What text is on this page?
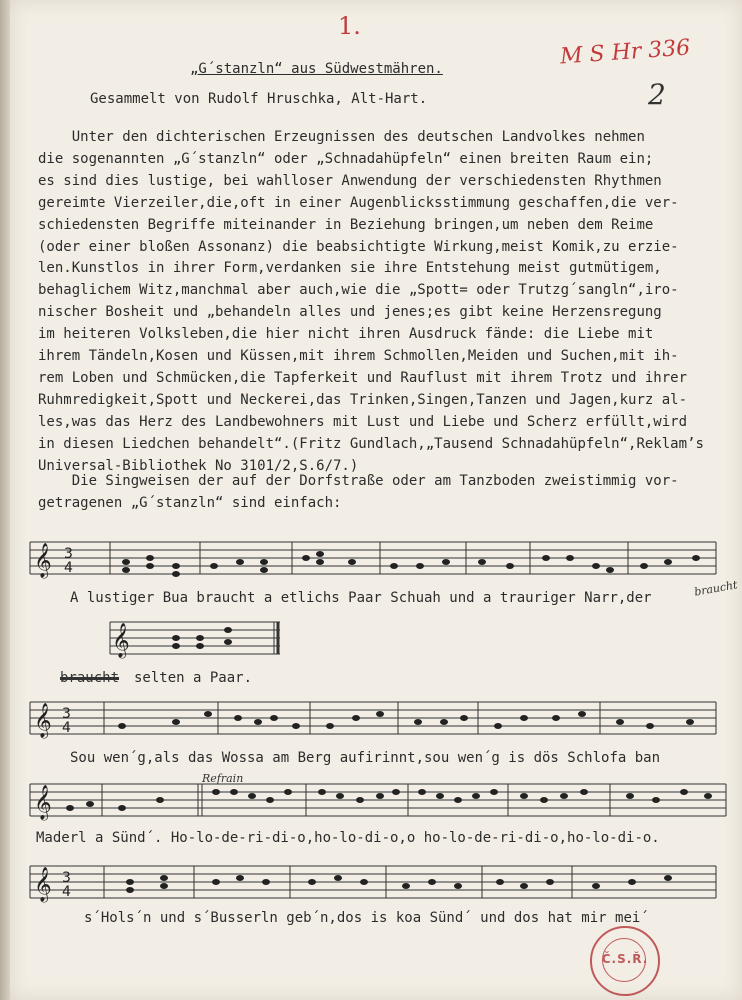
1.
M S Hr 336
2
„G´stanzln“ aus Südwestmähren.
Gesammelt von Rudolf Hruschka, Alt-Hart.
Unter den dichterischen Erzeugnissen des deutschen Landvolkes nehmen
die sogenannten „G´stanzln“ oder „Schnadahüpfeln“ einen breiten Raum ein;
es sind dies lustige, bei wahlloser Anwendung der verschiedensten Rhythmen
gereimte Vierzeiler,die,oft in einer Augenblicksstimmung geschaffen,die ver-
schiedensten Begriffe miteinander in Beziehung bringen,um neben dem Reime
(oder einer bloßen Assonanz) die beabsichtigte Wirkung,meist Komik,zu erzie-
len.Kunstlos in ihrer Form,verdanken sie ihre Entstehung meist gutmütigem,
behaglichem Witz,manchmal aber auch,wie die „Spott= oder Trutzg´sangln“,iro-
nischer Bosheit und „behandeln alles und jenes;es gibt keine Herzensregung
im heiteren Volksleben,die hier nicht ihren Ausdruck fände: die Liebe mit
ihrem Tändeln,Kosen und Küssen,mit ihrem Schmollen,Meiden und Suchen,mit ih-
rem Loben und Schmücken,die Tapferkeit und Rauflust mit ihrem Trotz und ihrer
Ruhmredigkeit,Spott und Neckerei,das Trinken,Singen,Tanzen und Jagen,kurz al-
les,was das Herz des Landbewohners mit Lust und Liebe und Scherz erfüllt,wird
in diesen Liedchen behandelt“.(Fritz Gundlach,„Tausend Schnadahüpfeln“,Reklam’s
Universal-Bibliothek No 3101/2,S.6/7.)
Die Singweisen der auf der Dorfstraße oder am Tanzboden zweistimmig vor-
getragenen „G´stanzln“ sind einfach:
𝄞 3
4
A lustiger Bua braucht a etlichs Paar Schuah und a trauriger Narr,der	braucht
𝄞
braucht selten a Paar.
𝄞 3
4
Sou wen´g,als das Wossa am Berg aufirinnt,sou wen´g is dös Schlofa ban
𝄞
Refrain
Maderl a Sünd´. Ho-lo-de-ri-di-o,ho-lo-di-o,o ho-lo-de-ri-di-o,ho-lo-di-o.
𝄞 3
4
s´Hols´n und s´Busserln geb´n,dos is koa Sünd´ und dos hat mir mei´
Č.S.Ř.
